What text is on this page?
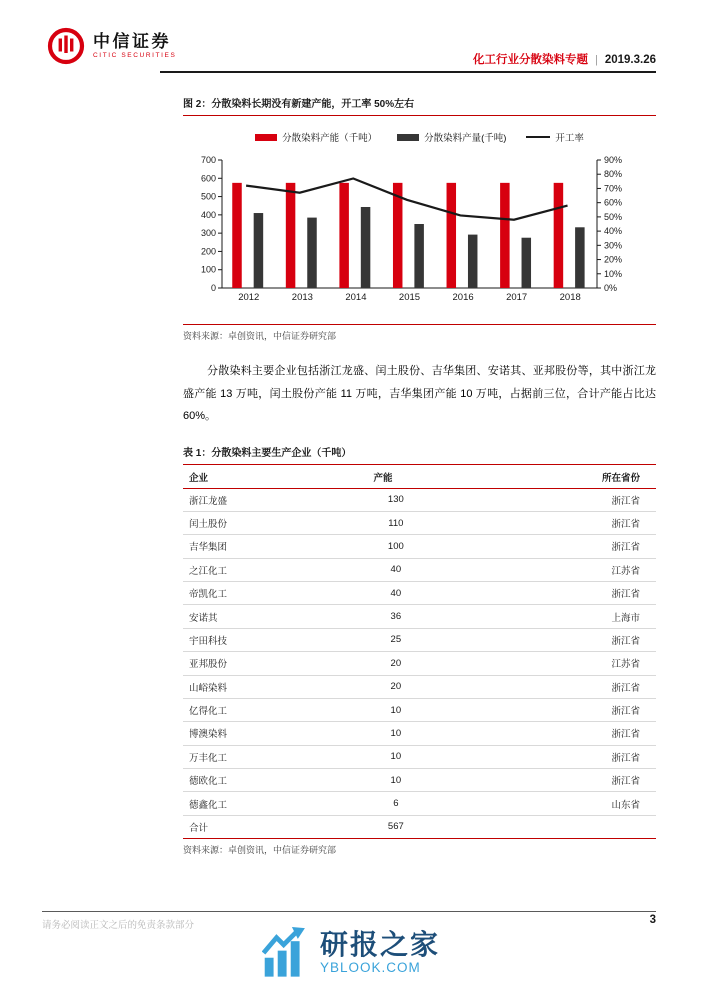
中信证券
CITIC SECURITIES	化工行业分散染料专题 | 2019.3.26
图 2：分散染料长期没有新建产能，开工率 50%左右
分散染料产能（千吨）	分散染料产量(千吨)	开工率
0
100
200
300
400
500
600
700
0%
10%
20%
30%
40%
50%
60%
70%
80%
90%
2012	2013	2014	2015	2016	2017	2018
资料来源：卓创资讯，中信证券研究部

分散染料主要企业包括浙江龙盛、闰土股份、吉华集团、安诺其、亚邦股份等，其中浙江龙盛产能 13 万吨，闰土股份产能 11 万吨，吉华集团产能 10 万吨，占据前三位，合计产能占比达 60%。

表 1：分散染料主要生产企业（千吨）
企业	产能	所在省份
浙江龙盛	130	浙江省
闰土股份	110	浙江省
吉华集团	100	浙江省
之江化工	40	江苏省
帝凯化工	40	浙江省
安诺其	36	上海市
宇田科技	25	浙江省
亚邦股份	20	江苏省
山峪染料	20	浙江省
亿得化工	10	浙江省
博澳染料	10	浙江省
万丰化工	10	浙江省
德欧化工	10	浙江省
德鑫化工	6	山东省
合计	567	
资料来源：卓创资讯，中信证券研究部
请务必阅读正文之后的免责条款部分	3
研报之家
YBLOOK.COM
